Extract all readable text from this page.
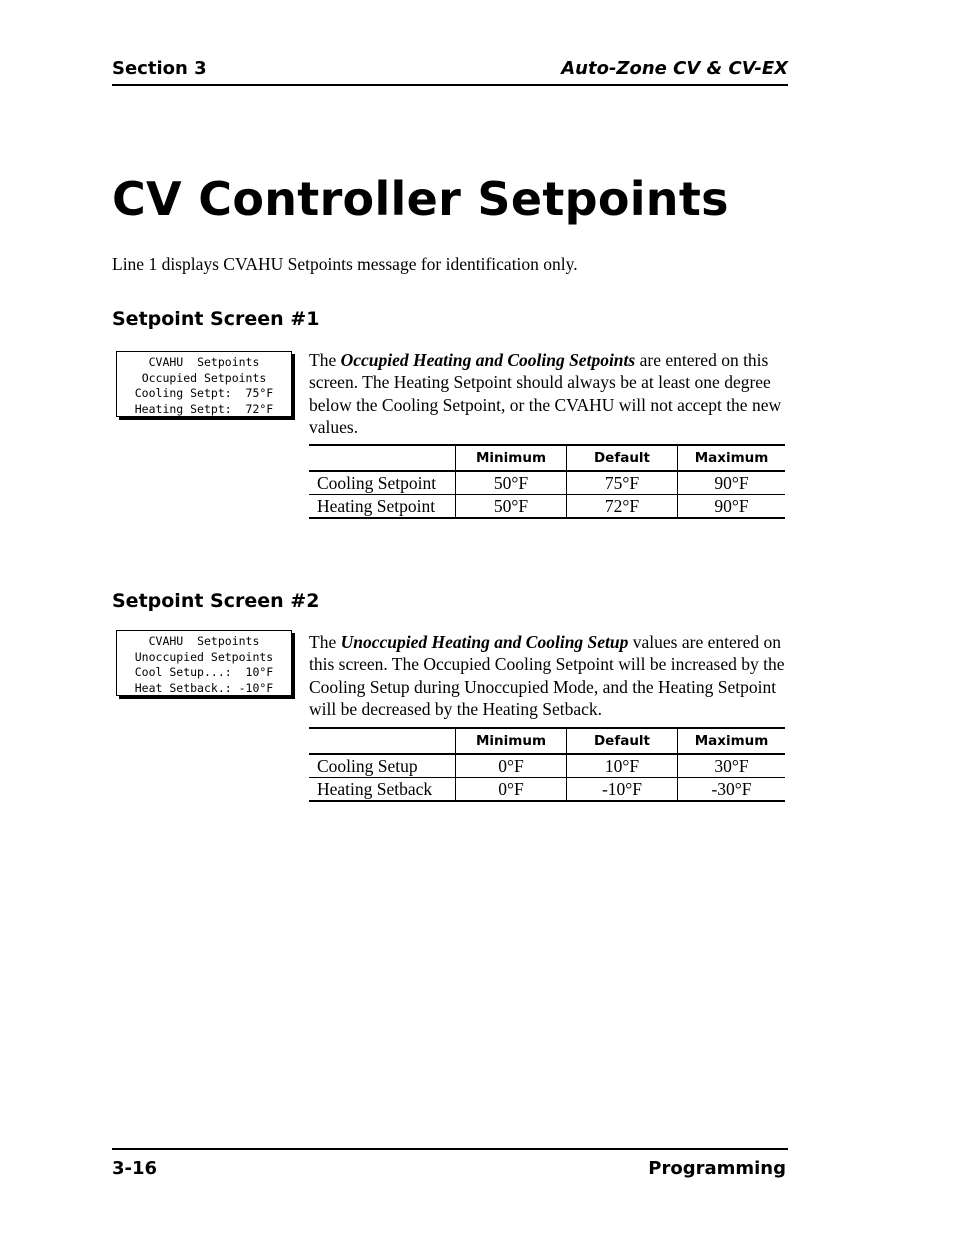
Section 3	Auto-Zone CV & CV-EX
CV Controller Setpoints

Line 1 displays CVAHU Setpoints message for identification only.

Setpoint Screen #1
CVAHU  Setpoints
Occupied Setpoints
Cooling Setpt:  75°F
Heating Setpt:  72°F

The Occupied Heating and Cooling Setpoints are entered on this screen. The Heating Setpoint should always be at least one degree below the Cooling Setpoint, or the CVAHU will not accept the new values.

	Minimum	Default	Maximum
Cooling Setpoint	50°F	75°F	90°F
Heating Setpoint	50°F	72°F	90°F
Setpoint Screen #2
CVAHU  Setpoints
Unoccupied Setpoints
Cool Setup...:  10°F
Heat Setback.: -10°F

The Unoccupied Heating and Cooling Setup values are entered on this screen. The Occupied Cooling Setpoint will be increased by the Cooling Setup during Unoccupied Mode, and the Heating Setpoint will be decreased by the Heating Setback.

	Minimum	Default	Maximum
Cooling Setup	0°F	10°F	30°F
Heating Setback	0°F	-10°F	-30°F
3-16	Programming
